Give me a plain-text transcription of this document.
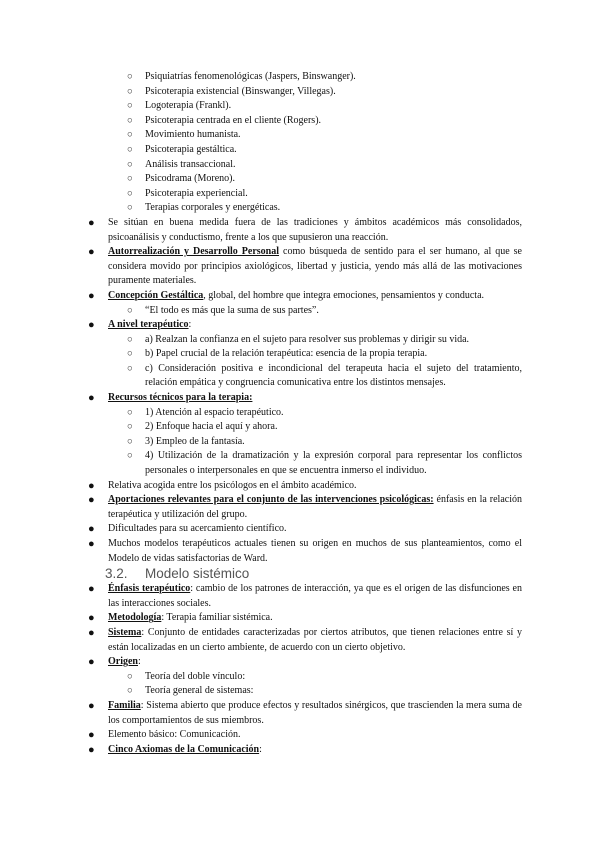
○ Psiquiatrías fenomenológicas (Jaspers, Binswanger).
○ Psicoterapia existencial (Binswanger, Villegas).
○ Logoterapia (Frankl).
○ Psicoterapia centrada en el cliente (Rogers).
○ Movimiento humanista.
○ Psicoterapia gestáltica.
○ Análisis transaccional.
○ Psicodrama (Moreno).
○ Psicoterapia experiencial.
○ Terapias corporales y energéticas.
● Se sitúan en buena medida fuera de las tradiciones y ámbitos académicos más consolidados, psicoanálisis y conductismo, frente a los que supusieron una reacción.
● Autorrealización y Desarrollo Personal como búsqueda de sentido para el ser humano, al que se considera movido por principios axiológicos, libertad y justicia, yendo más allá de las motivaciones puramente materiales.
● Concepción Gestáltica, global, del hombre que integra emociones, pensamientos y conducta.
○ “El todo es más que la suma de sus partes”.
● A nivel terapéutico:
○ a) Realzan la confianza en el sujeto para resolver sus problemas y dirigir su vida.
○ b) Papel crucial de la relación terapéutica: esencia de la propia terapia.
○ c) Consideración positiva e incondicional del terapeuta hacia el sujeto del tratamiento, relación empática y congruencia comunicativa entre los distintos mensajes.
● Recursos técnicos para la terapia:
○ 1) Atención al espacio terapéutico.
○ 2) Enfoque hacia el aquí y ahora.
○ 3) Empleo de la fantasía.
○ 4) Utilización de la dramatización y la expresión corporal para representar los conflictos personales o interpersonales en que se encuentra inmerso el individuo.
● Relativa acogida entre los psicólogos en el ámbito académico.
● Aportaciones relevantes para el conjunto de las intervenciones psicológicas: énfasis en la relación terapéutica y utilización del grupo.
● Dificultades para su acercamiento científico.
● Muchos modelos terapéuticos actuales tienen su origen en muchos de sus planteamientos, como el Modelo de vidas satisfactorias de Ward.
3.2. Modelo sistémico
● Énfasis terapéutico: cambio de los patrones de interacción, ya que es el origen de las disfunciones en las interacciones sociales.
● Metodología: Terapia familiar sistémica.
● Sistema: Conjunto de entidades caracterizadas por ciertos atributos, que tienen relaciones entre sí y están localizadas en un cierto ambiente, de acuerdo con un cierto objetivo.
● Origen:
○ Teoría del doble vínculo:
○ Teoría general de sistemas:
● Familia: Sistema abierto que produce efectos y resultados sinérgicos, que trascienden la mera suma de los comportamientos de sus miembros.
● Elemento básico: Comunicación.
● Cinco Axiomas de la Comunicación:
